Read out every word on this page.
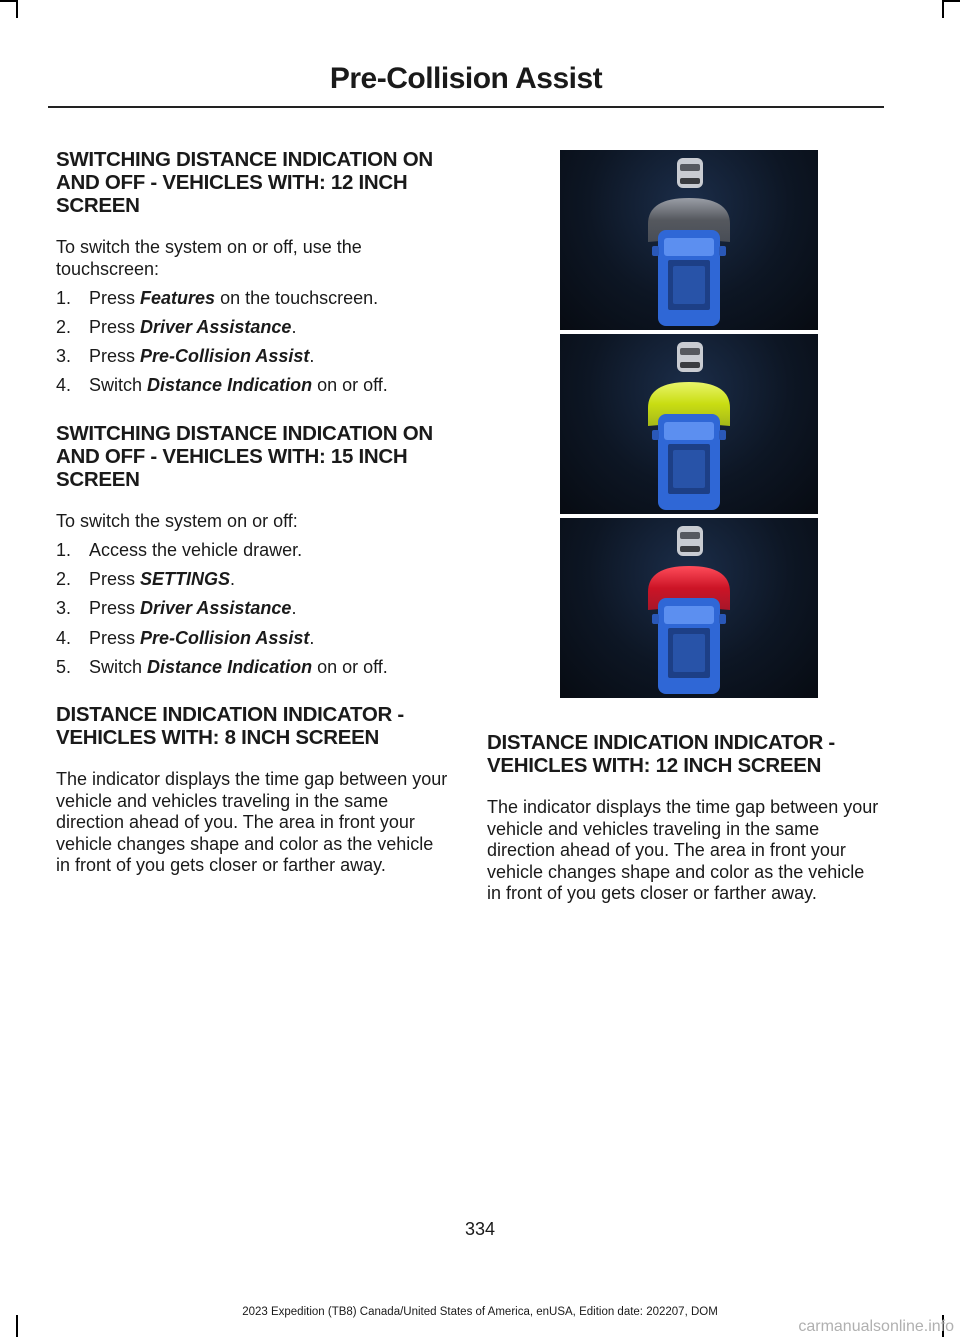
Pre-Collision Assist
SWITCHING DISTANCE INDICATION ON AND OFF - VEHICLES WITH: 12 INCH SCREEN

To switch the system on or off, use the touchscreen:

1. Press Features on the touchscreen.
2. Press Driver Assistance.
3. Press Pre-Collision Assist.
4. Switch Distance Indication on or off.
SWITCHING DISTANCE INDICATION ON AND OFF - VEHICLES WITH: 15 INCH SCREEN

To switch the system on or off:

1. Access the vehicle drawer.
2. Press SETTINGS.
3. Press Driver Assistance.
4. Press Pre-Collision Assist.
5. Switch Distance Indication on or off.
DISTANCE INDICATION INDICATOR - VEHICLES WITH: 8 INCH SCREEN

The indicator displays the time gap between your vehicle and vehicles traveling in the same direction ahead of you. The area in front your vehicle changes shape and color as the vehicle in front of you gets closer or farther away.

DISTANCE INDICATION INDICATOR - VEHICLES WITH: 12 INCH SCREEN

The indicator displays the time gap between your vehicle and vehicles traveling in the same direction ahead of you. The area in front your vehicle changes shape and color as the vehicle in front of you gets closer or farther away.

334
2023 Expedition (TB8) Canada/United States of America, enUSA, Edition date: 202207, DOM
carmanualsonline.info
